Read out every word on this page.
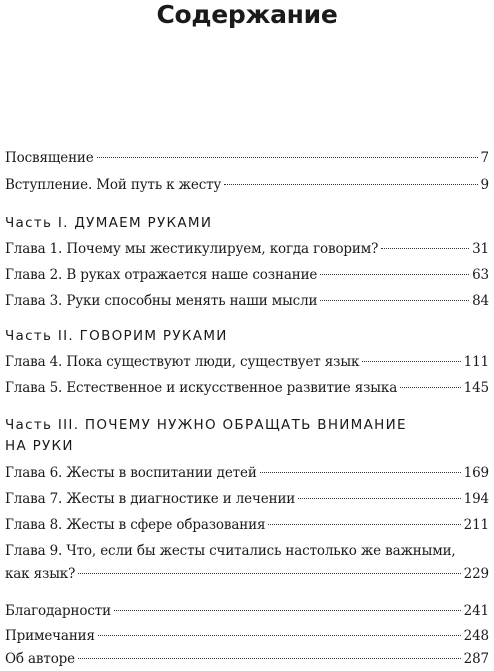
Содержание
Посвящение	7
Вступление. Мой путь к жесту	9
Часть I. ДУМАЕМ РУКАМИ
Глава 1. Почему мы жестикулируем, когда говорим?	31
Глава 2. В руках отражается наше сознание	63
Глава 3. Руки способны менять наши мысли	84
Часть II. ГОВОРИМ РУКАМИ
Глава 4. Пока существуют люди, существует язык	111
Глава 5. Естественное и искусственное развитие языка	145
Часть III. ПОЧЕМУ НУЖНО ОБРАЩАТЬ ВНИМАНИЕ
НА РУКИ
Глава 6. Жесты в воспитании детей	169
Глава 7. Жесты в диагностике и лечении	194
Глава 8. Жесты в сфере образования	211
Глава 9. Что, если бы жесты считались настолько же важными,
как язык?	229
Благодарности	241
Примечания	248
Об авторе	287
